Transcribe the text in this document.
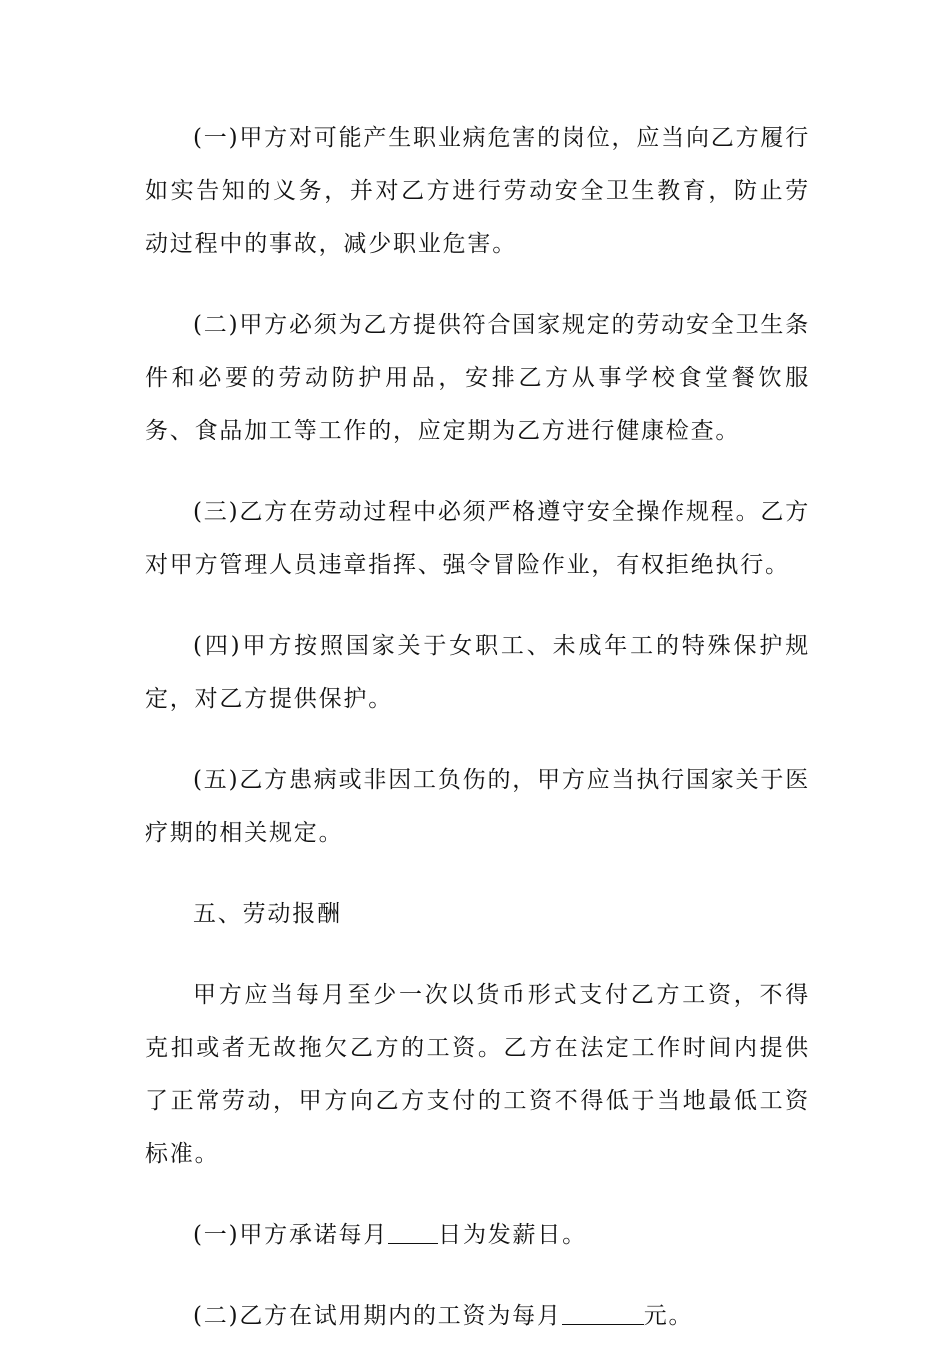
(一)甲方对可能产生职业病危害的岗位，应当向乙方履行如实告知的义务，并对乙方进行劳动安全卫生教育，防止劳动过程中的事故，减少职业危害。

(二)甲方必须为乙方提供符合国家规定的劳动安全卫生条件和必要的劳动防护用品，安排乙方从事学校食堂餐饮服务、食品加工等工作的，应定期为乙方进行健康检查。

(三)乙方在劳动过程中必须严格遵守安全操作规程。乙方对甲方管理人员违章指挥、强令冒险作业，有权拒绝执行。

(四)甲方按照国家关于女职工、未成年工的特殊保护规定，对乙方提供保护。

(五)乙方患病或非因工负伤的，甲方应当执行国家关于医疗期的相关规定。

五、劳动报酬

甲方应当每月至少一次以货币形式支付乙方工资，不得克扣或者无故拖欠乙方的工资。乙方在法定工作时间内提供了正常劳动，甲方向乙方支付的工资不得低于当地最低工资标准。

(一)甲方承诺每月 日为发薪日。

(二)乙方在试用期内的工资为每月	元。
